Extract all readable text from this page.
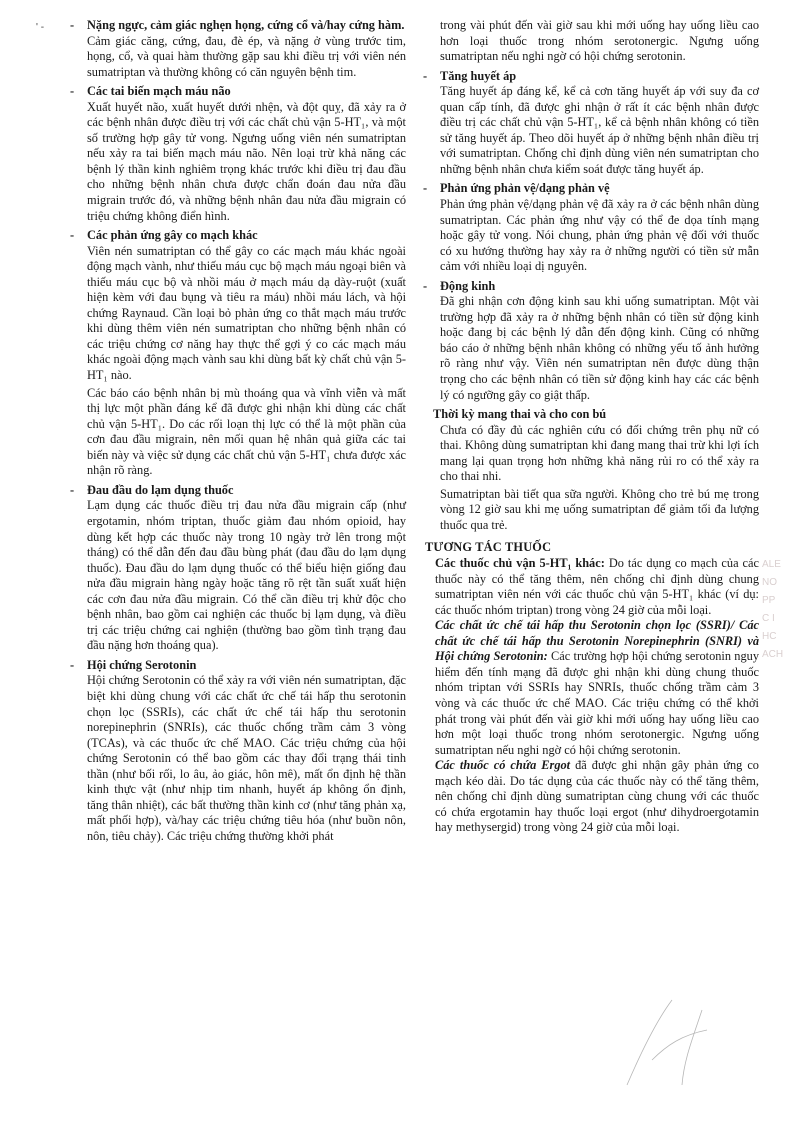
' - -	Nặng ngực, cảm giác nghẹn họng, cứng cổ và/hay cứng hàm.

Cảm giác căng, cứng, đau, đè ép, và nặng ở vùng trước tim, họng, cổ, và quai hàm thường gặp sau khi điều trị với viên nén sumatriptan và thường không có căn nguyên bệnh tim.

-	Các tai biến mạch máu não

Xuất huyết não, xuất huyết dưới nhện, và đột quỵ, đã xảy ra ở các bệnh nhân được điều trị với các chất chủ vận 5-HT₁, và một số trường hợp gây tử vong. Ngưng uống viên nén sumatriptan nếu xảy ra tai biến mạch máu não. Nên loại trừ khả năng các bệnh lý thần kinh nghiêm trọng khác trước khi điều trị đau đầu cho những bệnh nhân chưa được chẩn đoán đau nửa đầu migrain trước đó, và những bệnh nhân đau nửa đầu migrain có triệu chứng không điển hình.

-	Các phản ứng gây co mạch khác

Viên nén sumatriptan có thể gây co các mạch máu khác ngoài động mạch vành, như thiếu máu cục bộ mạch máu ngoại biên và thiếu máu cục bộ và nhồi máu ở mạch máu dạ dày-ruột (xuất hiện kèm với đau bụng và tiêu ra máu) nhồi máu lách, và hội chứng Raynaud. Cần loại bỏ phản ứng co thắt mạch máu trước khi dùng thêm viên nén sumatriptan cho những bệnh nhân có các triệu chứng cơ năng hay thực thể gợi ý co các mạch máu khác ngoài động mạch vành sau khi dùng bất kỳ chất chủ vận 5-HT₁ nào.

Các báo cáo bệnh nhân bị mù thoáng qua và vĩnh viễn và mất thị lực một phần đáng kể đã được ghi nhận khi dùng các chất chủ vận 5-HT₁. Do các rối loạn thị lực có thể là một phần của cơn đau đầu migrain, nên mối quan hệ nhân quả giữa các tai biến này và việc sử dụng các chất chủ vận 5-HT₁ chưa được xác nhận rõ ràng.

-	Đau đầu do lạm dụng thuốc

Lạm dụng các thuốc điều trị đau nửa đầu migrain cấp (như ergotamin, nhóm triptan, thuốc giảm đau nhóm opioid, hay dùng kết hợp các thuốc này trong 10 ngày trở lên trong một tháng) có thể dẫn đến đau đầu bùng phát (đau đầu do lạm dụng thuốc). Đau đầu do lạm dụng thuốc có thể biểu hiện giống đau nửa đầu migrain hàng ngày hoặc tăng rõ rệt tần suất xuất hiện các cơn đau nửa đầu migrain. Có thể cần điều trị khử độc cho bệnh nhân, bao gồm cai nghiện các thuốc bị lạm dụng, và điều trị các triệu chứng cai nghiện (thường bao gồm tình trạng đau đầu nặng hơn thoáng qua).

-	Hội chứng Serotonin

Hội chứng Serotonin có thể xảy ra với viên nén sumatriptan, đặc biệt khi dùng chung với các chất ức chế tái hấp thu serotonin chọn lọc (SSRIs), các chất ức chế tái hấp thu serotonin norepinephrin (SNRIs), các thuốc chống trầm cảm 3 vòng (TCAs), và các thuốc ức chế MAO. Các triệu chứng của hội chứng Serotonin có thể bao gồm các thay đổi trạng thái tinh thần (như bối rối, lo âu, ảo giác, hôn mê), mất ổn định hệ thần kinh thực vật (như nhịp tim nhanh, huyết áp không ổn định, tăng thân nhiệt), các bất thường thần kinh cơ (như tăng phản xạ, mất phối hợp), và/hay các triệu chứng tiêu hóa (như buồn nôn, nôn, tiêu chảy). Các triệu chứng thường khởi phát

trong vài phút đến vài giờ sau khi mới uống hay uống liều cao hơn loại thuốc trong nhóm serotonergic. Ngưng uống sumatriptan nếu nghi ngờ có hội chứng serotonin.
-	Tăng huyết áp

Tăng huyết áp đáng kể, kể cả cơn tăng huyết áp với suy đa cơ quan cấp tính, đã được ghi nhận ở rất ít các bệnh nhân được điều trị các chất chủ vận 5-HT₁, kể cả bệnh nhân không có tiền sử tăng huyết áp. Theo dõi huyết áp ở những bệnh nhân điều trị với sumatriptan. Chống chỉ định dùng viên nén sumatriptan cho những bệnh nhân chưa kiểm soát được tăng huyết áp.

-	Phản ứng phản vệ/dạng phản vệ

Phản ứng phản vệ/dạng phản vệ đã xảy ra ở các bệnh nhân dùng sumatriptan. Các phản ứng như vậy có thể đe dọa tính mạng hoặc gây tử vong. Nói chung, phản ứng phản vệ đối với thuốc có xu hướng thường hay xảy ra ở những người có tiền sử mẫn cảm với nhiều loại dị nguyên.

-	Động kinh

Đã ghi nhận cơn động kinh sau khi uống sumatriptan. Một vài trường hợp đã xảy ra ở những bệnh nhân có tiền sử động kinh hoặc đang bị các bệnh lý dẫn đến động kinh. Cũng có những báo cáo ở những bệnh nhân không có những yếu tố ảnh hưởng rõ ràng như vậy. Viên nén sumatriptan nên được dùng thận trọng cho các bệnh nhân có tiền sử động kinh hay các các bệnh lý có ngưỡng gây co giật thấp.

Thời kỳ mang thai và cho con bú

Chưa có đầy đủ các nghiên cứu có đối chứng trên phụ nữ có thai. Không dùng sumatriptan khi đang mang thai trừ khi lợi ích mang lại quan trọng hơn những khả năng rủi ro có thể xảy ra cho thai nhi.

Sumatriptan bài tiết qua sữa người. Không cho trẻ bú mẹ trong vòng 12 giờ sau khi mẹ uống sumatriptan để giảm tối đa lượng thuốc qua trẻ.

TƯƠNG TÁC THUỐC

Các thuốc chủ vận 5-HT₁ khác: Do tác dụng co mạch của các thuốc này có thể tăng thêm, nên chống chỉ định dùng chung sumatriptan viên nén với các thuốc chủ vận 5-HT₁ khác (ví dụ: các thuốc nhóm triptan) trong vòng 24 giờ của mỗi loại.

Các chất ức chế tái hấp thu Serotonin chọn lọc (SSRI)/ Các chất ức chế tái hấp thu Serotonin Norepinephrin (SNRI) và Hội chứng Serotonin: Các trường hợp hội chứng serotonin nguy hiểm đến tính mạng đã được ghi nhận khi dùng chung thuốc nhóm triptan với SSRIs hay SNRIs, thuốc chống trầm cảm 3 vòng và các thuốc ức chế MAO. Các triệu chứng có thể khởi phát trong vài phút đến vài giờ khi mới uống hay uống liều cao hơn một loại thuốc trong nhóm serotonergic. Ngưng uống sumatriptan nếu nghi ngờ có hội chứng serotonin.

Các thuốc có chứa Ergot đã được ghi nhận gây phản ứng co mạch kéo dài. Do tác dụng của các thuốc này có thể tăng thêm, nên chống chỉ định dùng sumatriptan cùng chung với các thuốc có chứa ergotamin hay thuốc loại ergot (như dihydroergotamin hay methysergid) trong vòng 24 giờ của mỗi loại.

ALE
NO
PP
C I
HC
ACH
